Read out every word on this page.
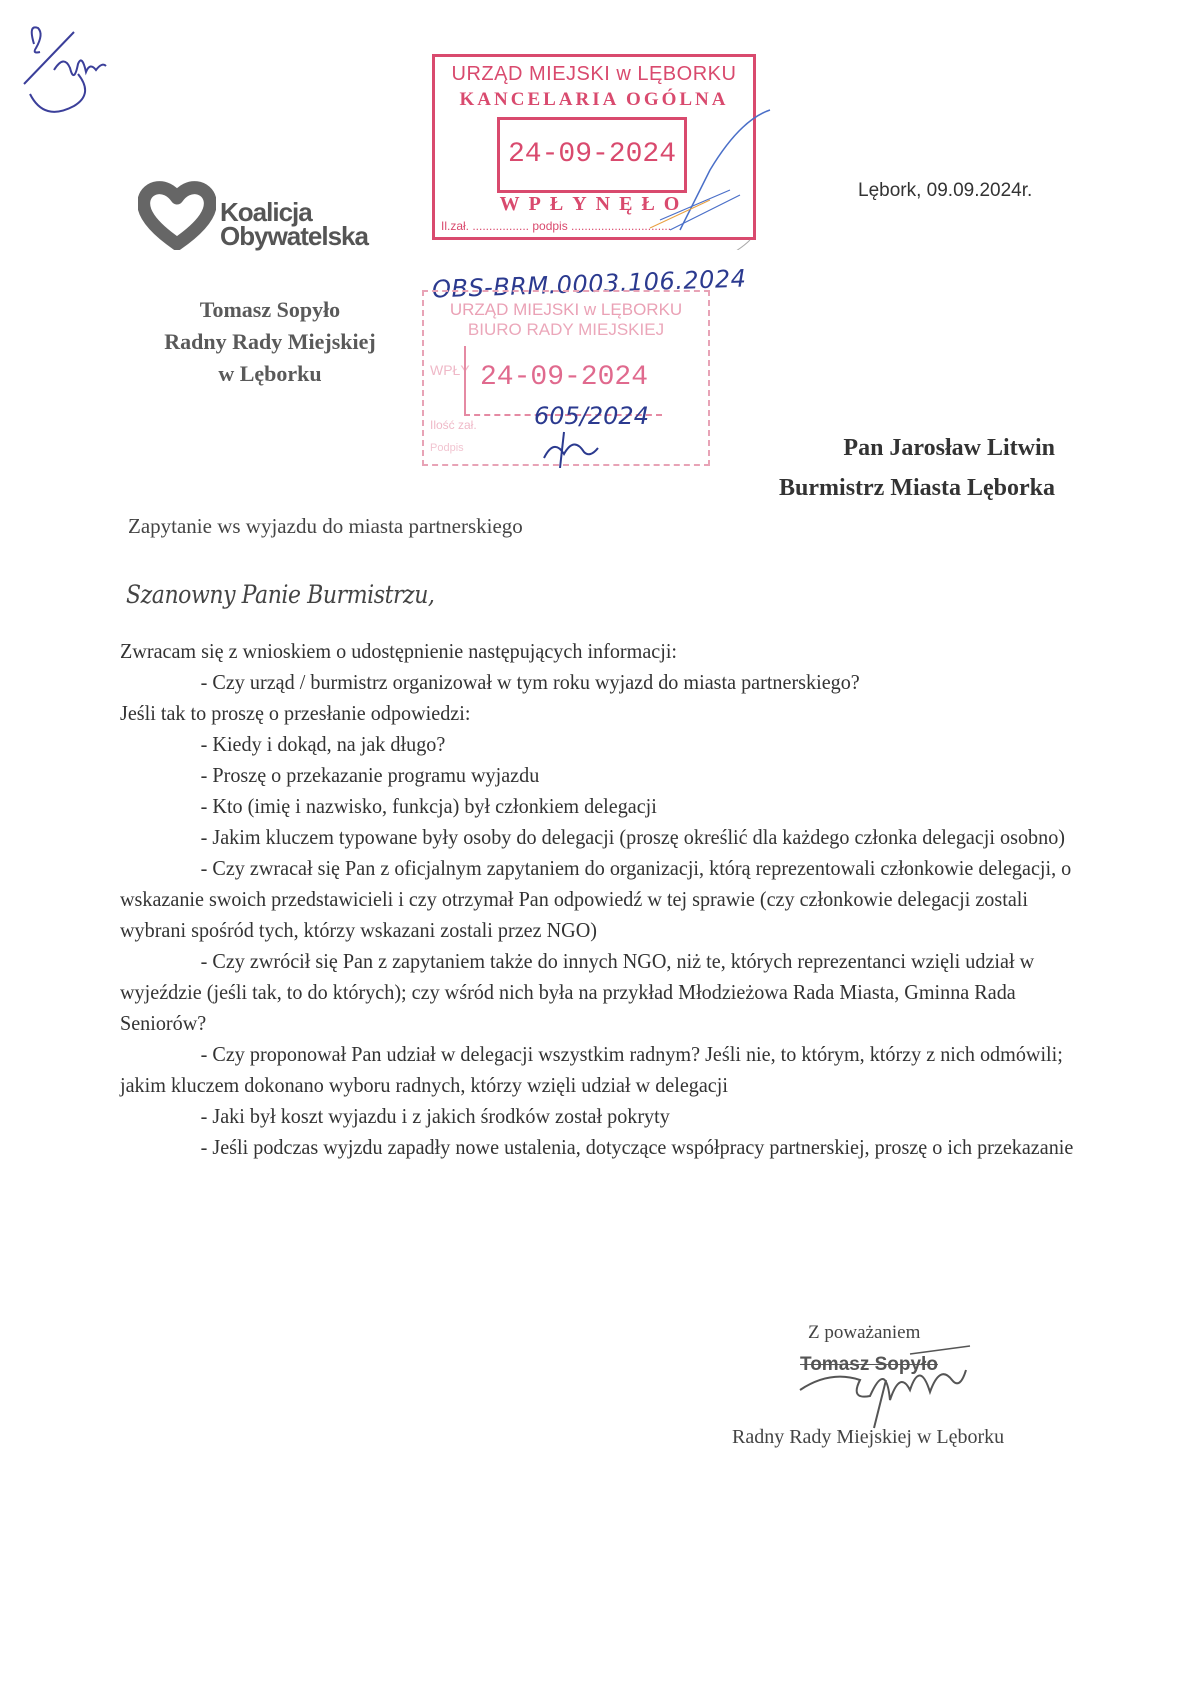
Koalicja
Obywatelska
Tomasz Sopyło
Radny Rady Miejskiej
w Lęborku
URZĄD MIEJSKI w LĘBORKU
KANCELARIA OGÓLNA
24-09-2024
WPŁYNĘŁO
Il.zał. ................. podpis ..............................
OBS-BRM.0003.106.2024
URZĄD MIEJSKI w LĘBORKU
BIURO RADY MIEJSKIEJ
WPŁY 24-09-2024
Ilość zał. 605/2024
Podpis
Lębork, 09.09.2024r.
Pan Jarosław Litwin
Burmistrz Miasta Lęborka
Zapytanie ws wyjazdu do miasta partnerskiego
Szanowny Panie Burmistrzu,

Zwracam się z wnioskiem o udostępnienie następujących informacji:

- Czy urząd / burmistrz organizował w tym roku wyjazd do miasta partnerskiego?

Jeśli tak to proszę o przesłanie odpowiedzi:

- Kiedy i dokąd, na jak długo?

- Proszę o przekazanie programu wyjazdu

- Kto (imię i nazwisko, funkcja) był członkiem delegacji

- Jakim kluczem typowane były osoby do delegacji (proszę określić dla każdego członka delegacji osobno)

- Czy zwracał się Pan z oficjalnym zapytaniem do organizacji, którą reprezentowali członkowie delegacji, o wskazanie swoich przedstawicieli i czy otrzymał Pan odpowiedź w tej sprawie (czy członkowie delegacji zostali wybrani spośród tych, którzy wskazani zostali przez NGO)

- Czy zwrócił się Pan z zapytaniem także do innych NGO, niż te, których reprezentanci wzięli udział w wyjeździe (jeśli tak, to do których); czy wśród nich była na przykład Młodzieżowa Rada Miasta, Gminna Rada Seniorów?

- Czy proponował Pan udział w delegacji wszystkim radnym? Jeśli nie, to którym, którzy z nich odmówili; jakim kluczem dokonano wyboru radnych, którzy wzięli udział w delegacji

- Jaki był koszt wyjazdu i z jakich środków został pokryty

- Jeśli podczas wyjzdu zapadły nowe ustalenia, dotyczące współpracy partnerskiej, proszę o ich przekazanie

Z poważaniem
Tomasz Sopyło
Radny Rady Miejskiej w Lęborku
